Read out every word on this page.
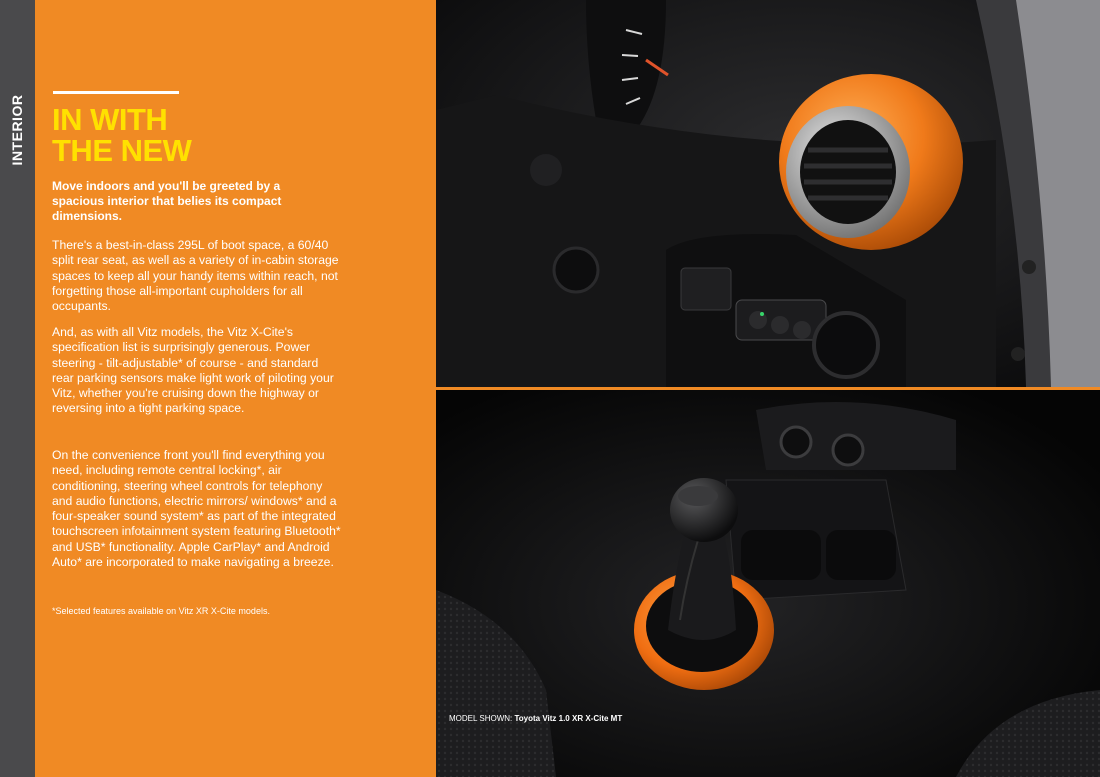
INTERIOR IN WITH
THE NEW

Move indoors and you'll be greeted by a spacious interior that belies its compact dimensions.

There's a best-in-class 295L of boot space, a 60/40 split rear seat, as well as a variety of in-cabin storage spaces to keep all your handy items within reach, not forgetting those all-important cupholders for all occupants.

And, as with all Vitz models, the Vitz X-Cite's specification list is surprisingly generous. Power steering - tilt-adjustable* of course - and standard rear parking sensors make light work of piloting your Vitz, whether you're cruising down the highway or reversing into a tight parking space.

On the convenience front you'll find everything you need, including remote central locking*, air conditioning, steering wheel controls for telephony and audio functions, electric mirrors/ windows* and a four-speaker sound system* as part of the integrated touchscreen infotainment system featuring Bluetooth* and USB* functionality. Apple CarPlay* and Android Auto* are incorporated to make navigating a breeze.

*Selected features available on Vitz XR X-Cite models.

MODEL SHOWN: Toyota Vitz 1.0 XR X-Cite MT
